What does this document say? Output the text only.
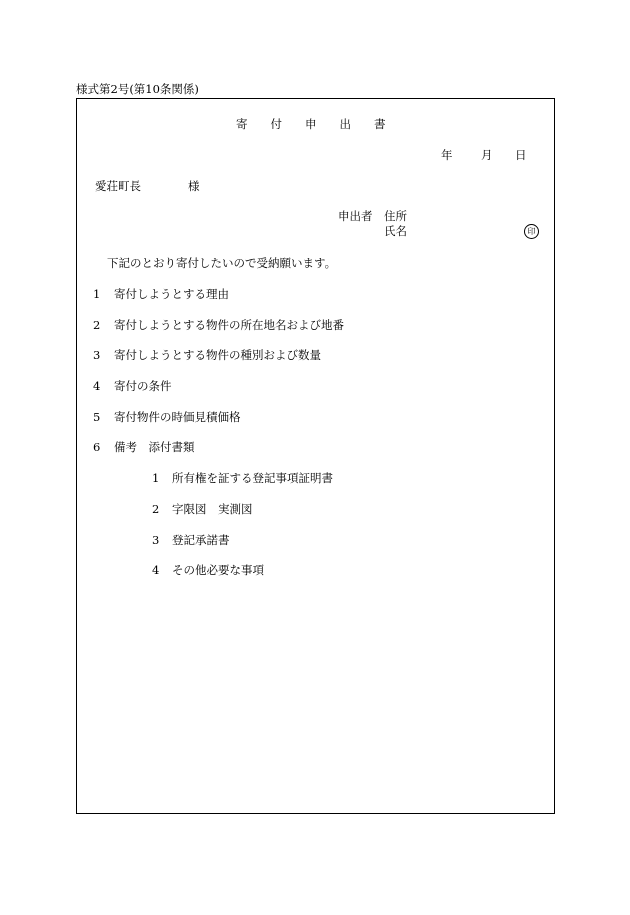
様式第2号(第10条関係)
寄付申出書
年 月 日
愛荘町長	様
申出者 住所
氏名	印
下記のとおり寄付したいので受納願います。
1 寄付しようとする理由
2 寄付しようとする物件の所在地名および地番
3 寄付しようとする物件の種別および数量
4 寄付の条件
5 寄付物件の時価見積価格
6 備考　添付書類
1 所有権を証する登記事項証明書
2 字限図　実測図
3 登記承諾書
4 その他必要な事項
